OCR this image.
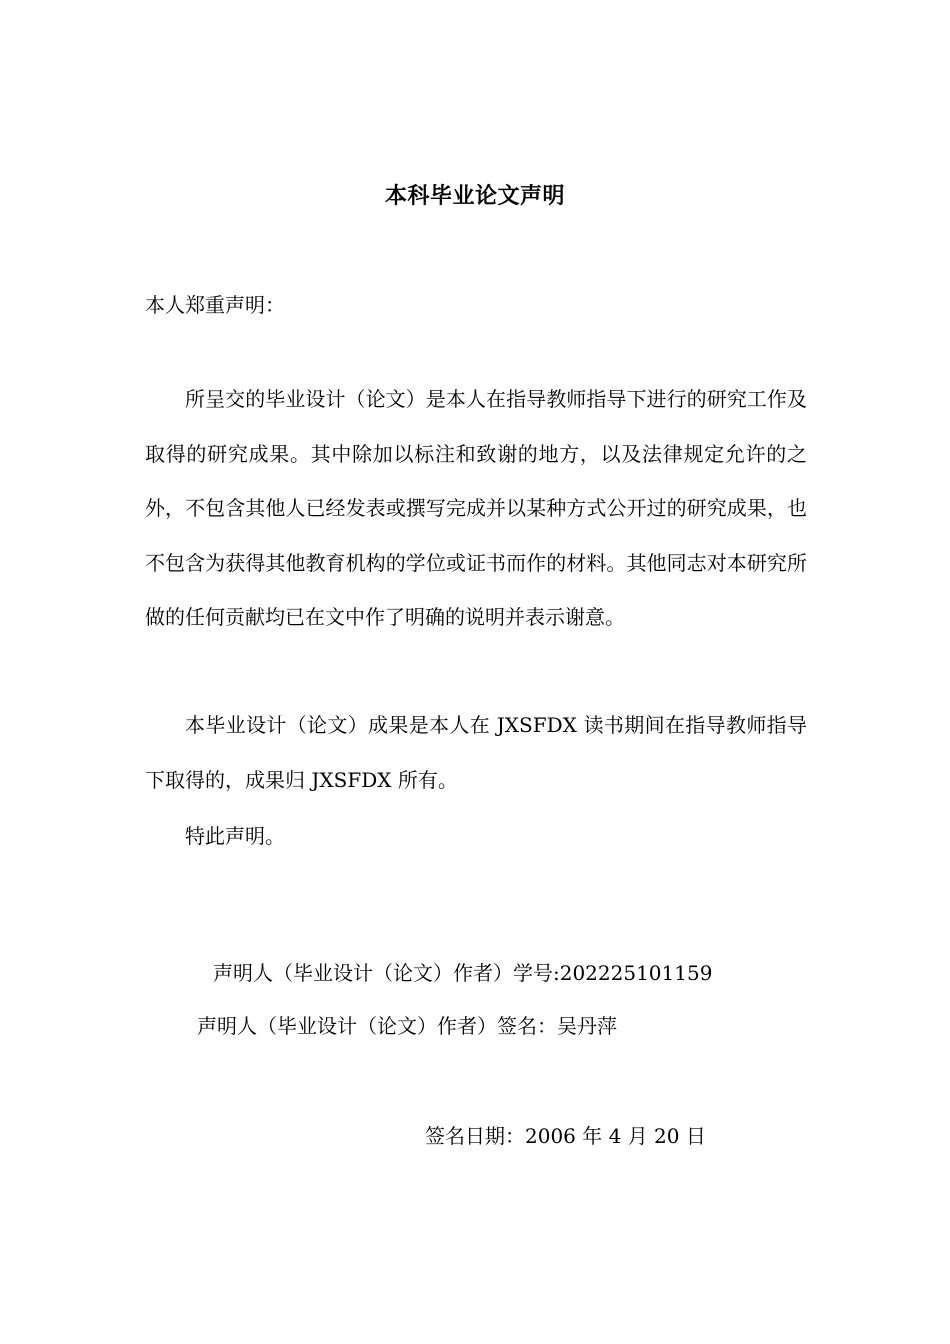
本科毕业论文声明
本人郑重声明：

所呈交的毕业设计（论文）是本人在指导教师指导下进行的研究工作及取得的研究成果。其中除加以标注和致谢的地方，以及法律规定允许的之外，不包含其他人已经发表或撰写完成并以某种方式公开过的研究成果，也不包含为获得其他教育机构的学位或证书而作的材料。其他同志对本研究所做的任何贡献均已在文中作了明确的说明并表示谢意。

本毕业设计（论文）成果是本人在 JXSFDX 读书期间在指导教师指导下取得的，成果归 JXSFDX 所有。

特此声明。

声明人（毕业设计（论文）作者）学号:202225101159
声明人（毕业设计（论文）作者）签名：吴丹萍
签名日期：2006 年 4 月 20 日
